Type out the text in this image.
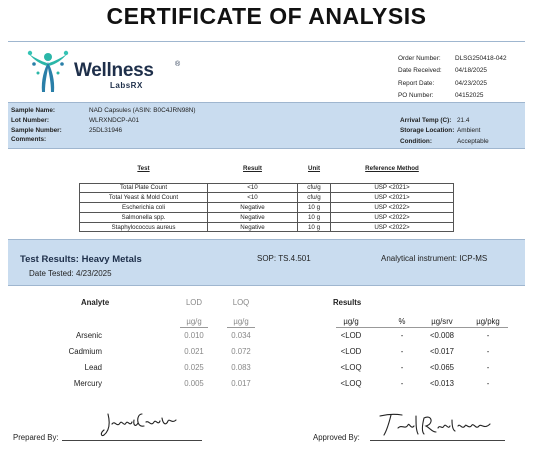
CERTIFICATE OF ANALYSIS
Wellness	®
LabsRX
Order Number:	DLSG250418-042
Date Received:	04/18/2025
Report Date:	04/23/2025
PO Number:	04152025
Sample Name:	NAD Capsules (ASIN: B0C4JRN98N)
Lot Number:	WLRXNDCP-A01
Sample Number:	25DL31946
Comments:
Arrival Temp (C): 21.4
Storage Location: Ambient
Condition:	Acceptable
Test	Result	Unit	Reference Method
Total Plate Count	<10	cfu/g	USP <2021>
Total Yeast & Mold Count	<10	cfu/g	USP <2021>
Escherichia coli	Negative	10 g	USP <2022>
Salmonella spp.	Negative	10 g	USP <2022>
Staphylococcus aureus	Negative	10 g	USP <2022>
Test Results: Heavy Metals
Date Tested: 4/23/2025
SOP: TS.4.501	Analytical instrument: ICP-MS
Analyte	LOD	LOQ	Results
µg/g	µg/g	µg/g	%	µg/srv	µg/pkg
Arsenic	0.010	0.034	<LOD	-	<0.008	-
Cadmium	0.021	0.072	<LOD	-	<0.017	-
Lead	0.025	0.083	<LOQ	-	<0.065	-
Mercury	0.005	0.017	<LOQ	-	<0.013	-
Prepared By:	Approved By:
